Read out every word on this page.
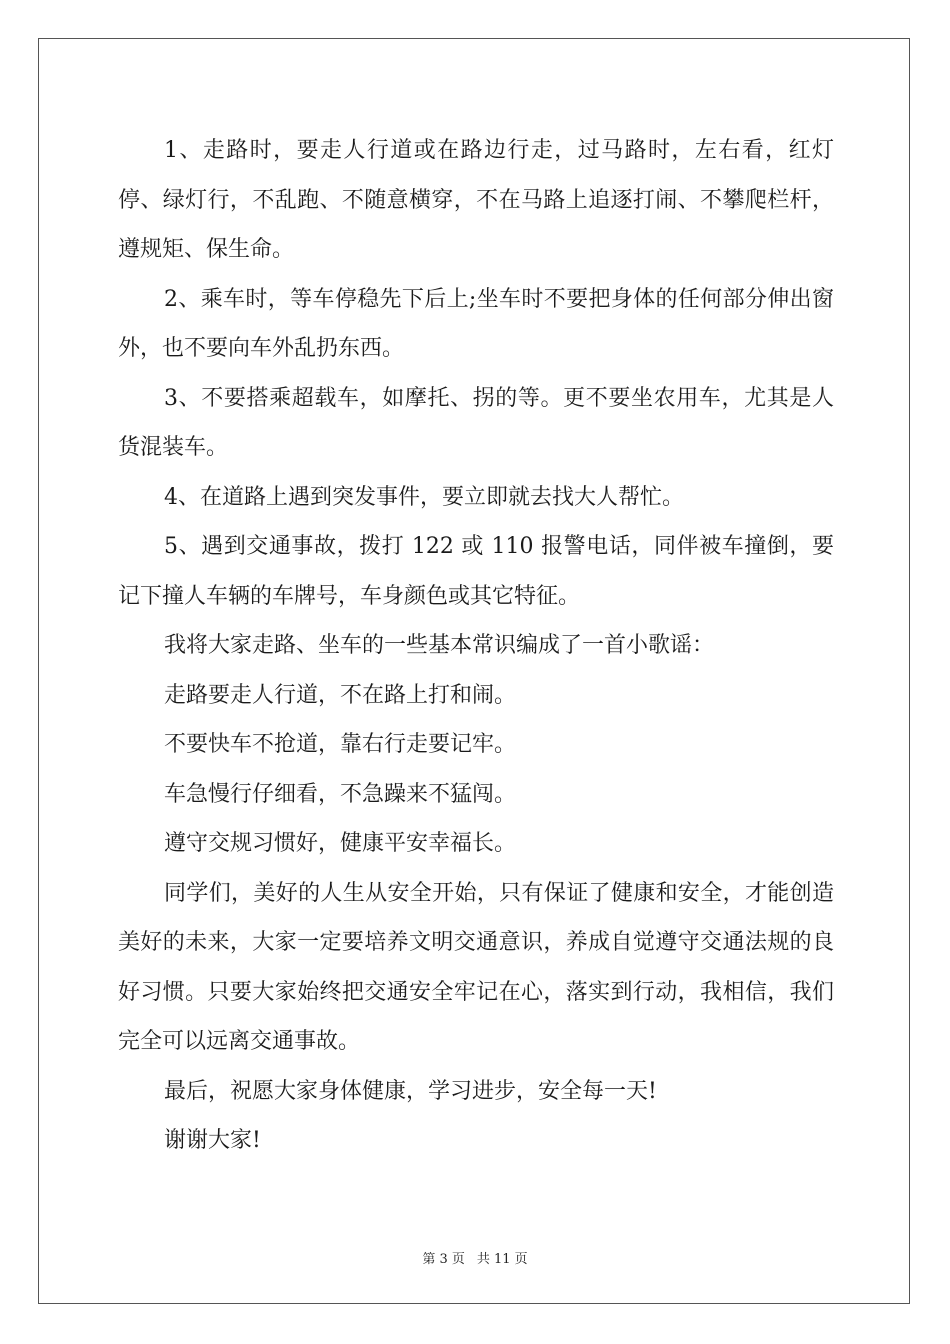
1、走路时，要走人行道或在路边行走，过马路时，左右看，红灯停、绿灯行，不乱跑、不随意横穿，不在马路上追逐打闹、不攀爬栏杆，遵规矩、保生命。

2、乘车时，等车停稳先下后上;坐车时不要把身体的任何部分伸出窗外，也不要向车外乱扔东西。

3、不要搭乘超载车，如摩托、拐的等。更不要坐农用车，尤其是人货混装车。

4、在道路上遇到突发事件，要立即就去找大人帮忙。

5、遇到交通事故，拨打 122 或 110 报警电话，同伴被车撞倒，要记下撞人车辆的车牌号，车身颜色或其它特征。

我将大家走路、坐车的一些基本常识编成了一首小歌谣：

走路要走人行道，不在路上打和闹。

不要快车不抢道，靠右行走要记牢。

车急慢行仔细看，不急躁来不猛闯。

遵守交规习惯好，健康平安幸福长。

同学们，美好的人生从安全开始，只有保证了健康和安全，才能创造美好的未来，大家一定要培养文明交通意识，养成自觉遵守交通法规的良好习惯。只要大家始终把交通安全牢记在心，落实到行动，我相信，我们完全可以远离交通事故。

最后，祝愿大家身体健康，学习进步，安全每一天!

谢谢大家!

第 3 页 共 11 页
